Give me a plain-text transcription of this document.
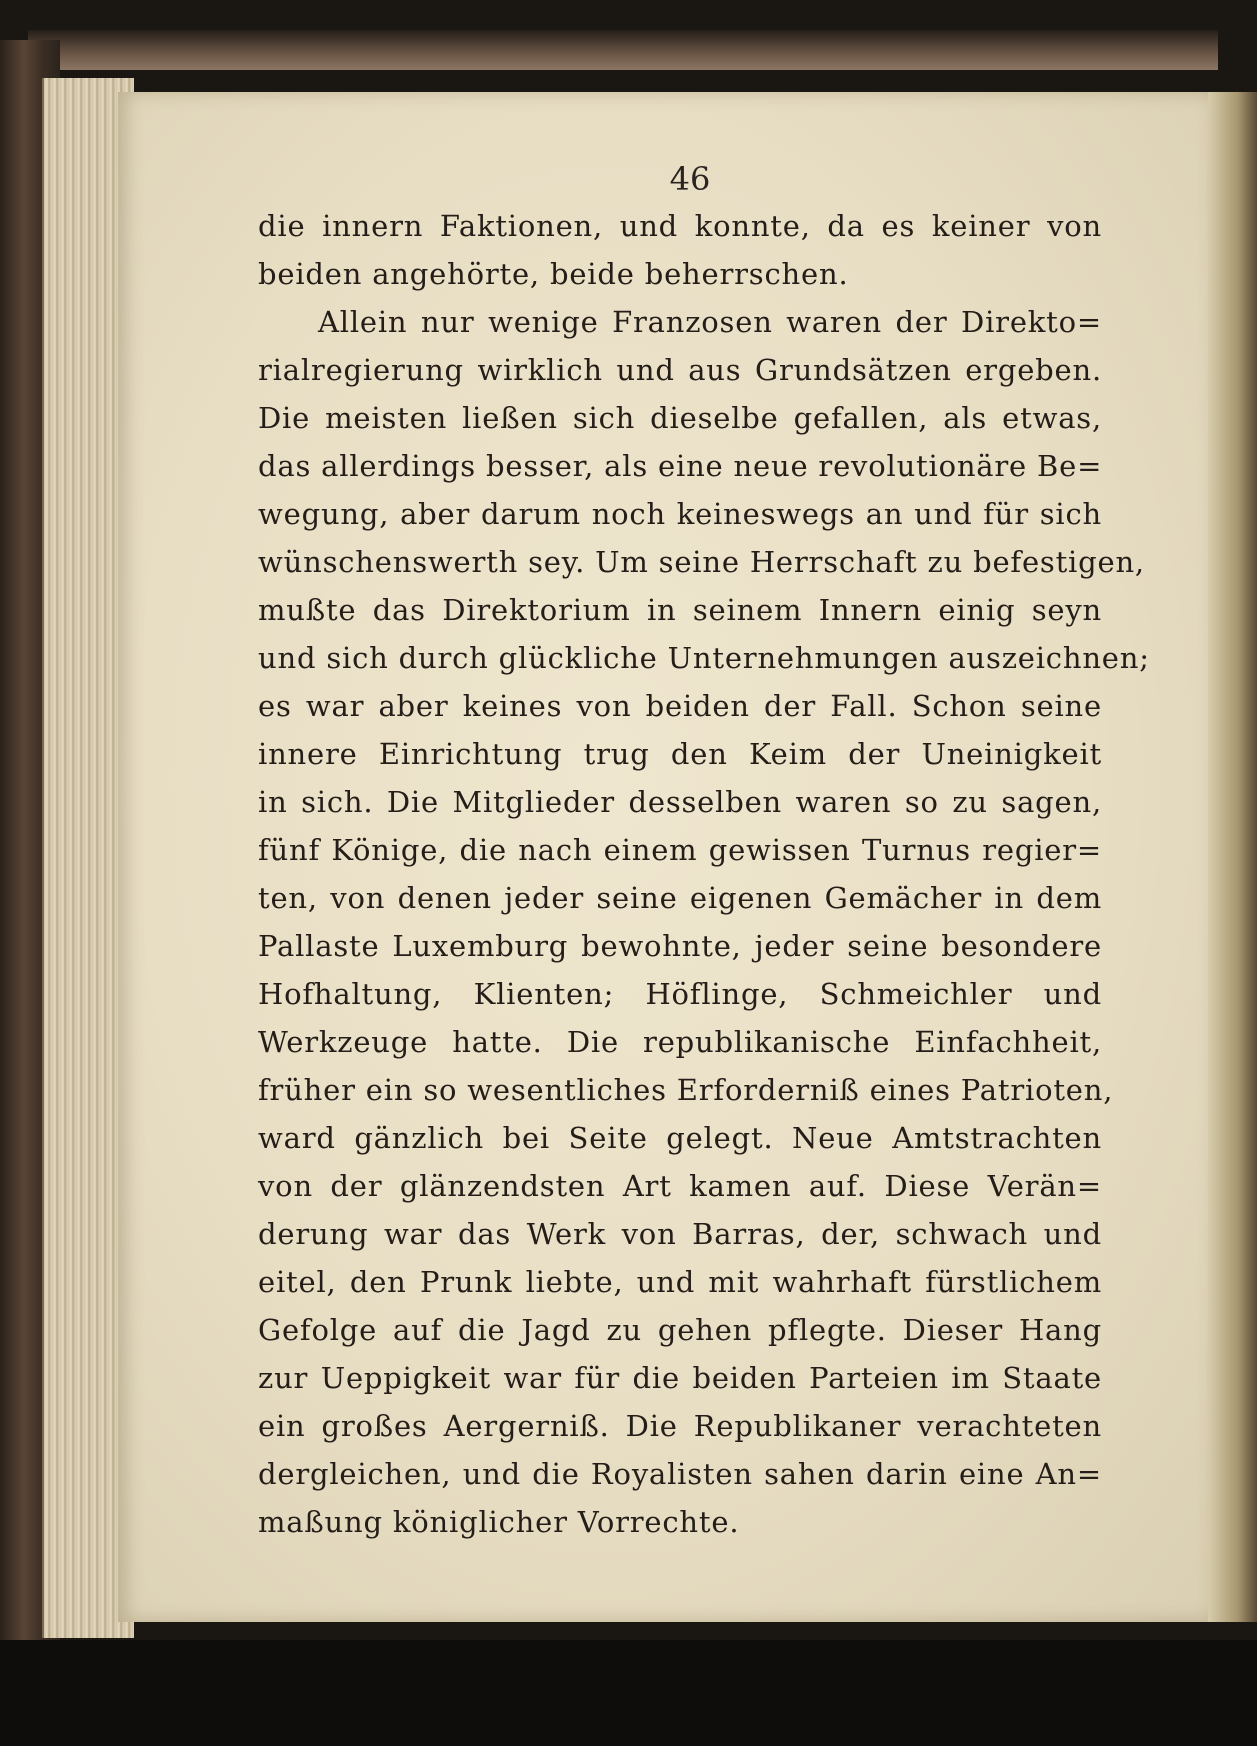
46
die innern Faktionen, und konnte, da es keiner von
beiden angehörte, beide beherrschen.
Allein nur wenige Franzosen waren der Direkto=
rialregierung wirklich und aus Grundsätzen ergeben.
Die meisten ließen sich dieselbe gefallen, als etwas,
das allerdings besser, als eine neue revolutionäre Be=
wegung, aber darum noch keineswegs an und für sich
wünschenswerth sey. Um seine Herrschaft zu befestigen,
mußte das Direktorium in seinem Innern einig seyn
und sich durch glückliche Unternehmungen auszeichnen;
es war aber keines von beiden der Fall. Schon seine
innere Einrichtung trug den Keim der Uneinigkeit
in sich. Die Mitglieder desselben waren so zu sagen,
fünf Könige, die nach einem gewissen Turnus regier=
ten, von denen jeder seine eigenen Gemächer in dem
Pallaste Luxemburg bewohnte, jeder seine besondere
Hofhaltung, Klienten; Höflinge, Schmeichler und
Werkzeuge hatte. Die republikanische Einfachheit,
früher ein so wesentliches Erforderniß eines Patrioten,
ward gänzlich bei Seite gelegt. Neue Amtstrachten
von der glänzendsten Art kamen auf. Diese Verän=
derung war das Werk von Barras, der, schwach und
eitel, den Prunk liebte, und mit wahrhaft fürstlichem
Gefolge auf die Jagd zu gehen pflegte. Dieser Hang
zur Ueppigkeit war für die beiden Parteien im Staate
ein großes Aergerniß. Die Republikaner verachteten
dergleichen, und die Royalisten sahen darin eine An=
maßung königlicher Vorrechte.
